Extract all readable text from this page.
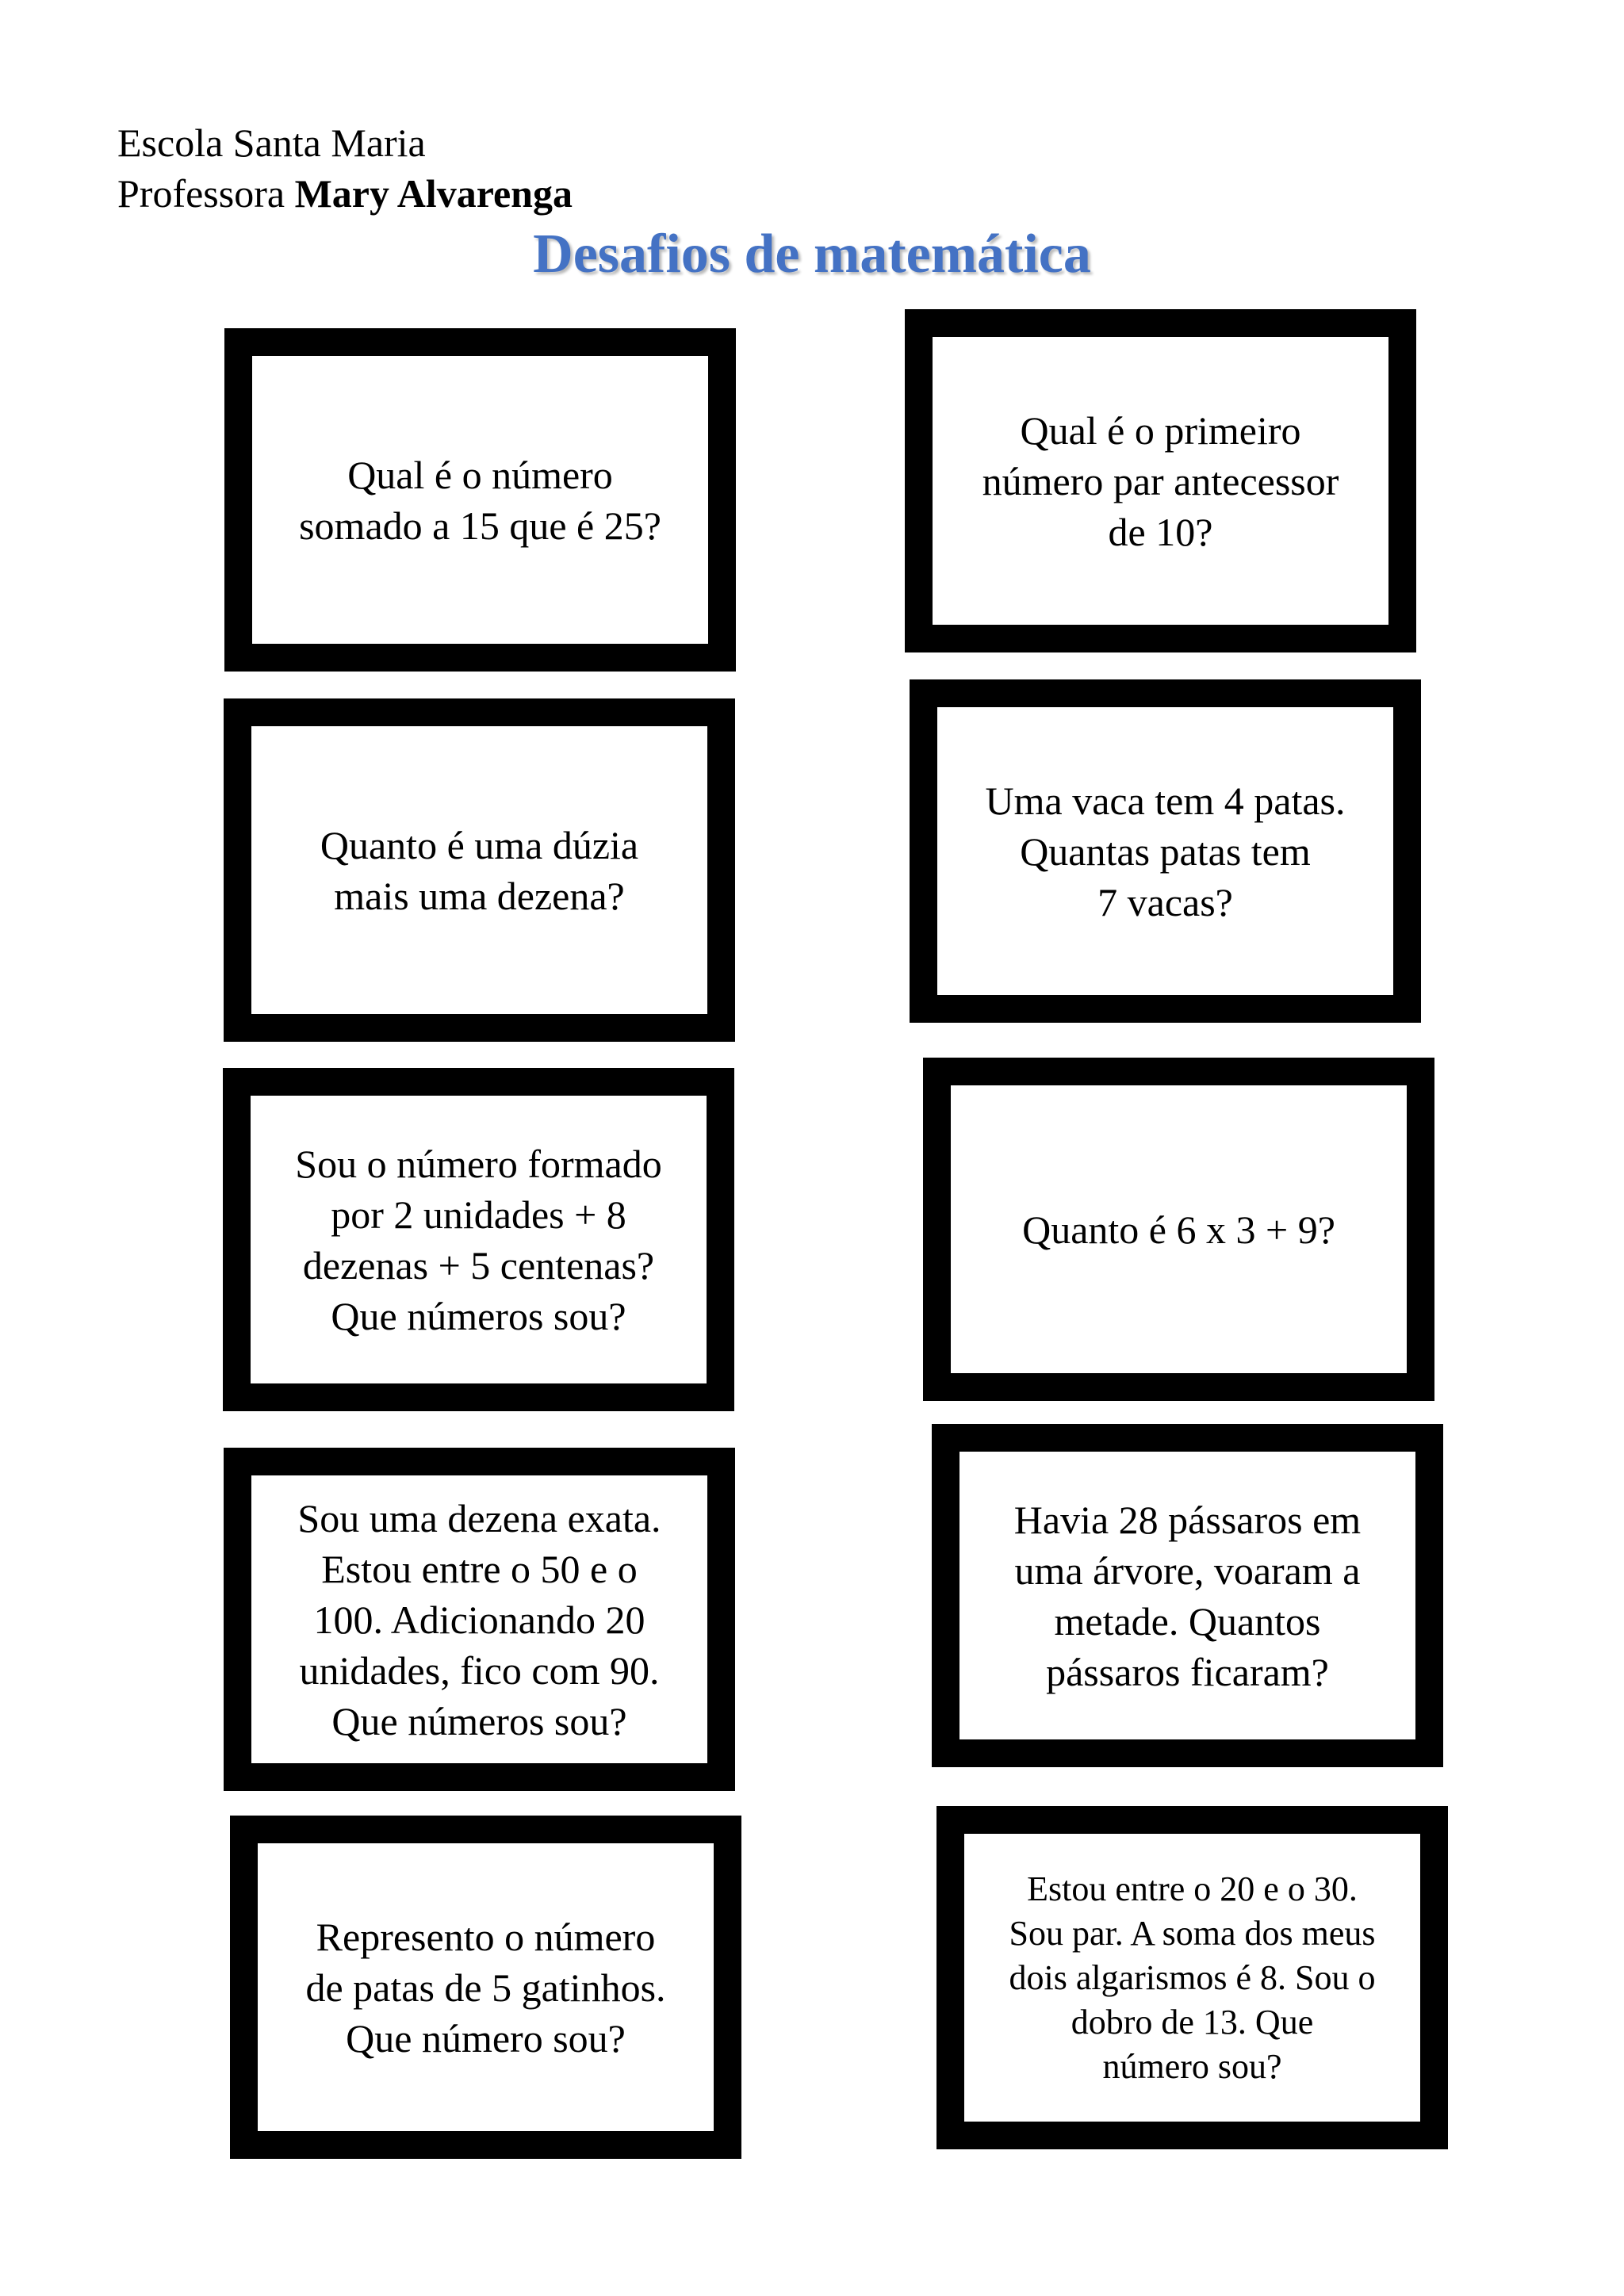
Escola Santa Maria
Professora Mary Alvarenga
Desafios de matemática
Qual é o número
somado a 15 que é 25?
Qual é o primeiro
número par antecessor
de 10?
Quanto é uma dúzia
mais uma dezena?
Uma vaca tem 4 patas.
Quantas patas tem
7 vacas?
Sou o número formado
por 2 unidades + 8
dezenas + 5 centenas?
Que números sou?
Quanto é 6 x 3 + 9?
Sou uma dezena exata.
Estou entre o 50 e o
100. Adicionando 20
unidades, fico com 90.
Que números sou?
Havia 28 pássaros em
uma árvore, voaram a
metade. Quantos
pássaros ficaram?
Represento o número
de patas de 5 gatinhos.
Que número sou?
Estou entre o 20 e o 30.
Sou par. A soma dos meus
dois algarismos é 8. Sou o
dobro de 13. Que
número sou?
